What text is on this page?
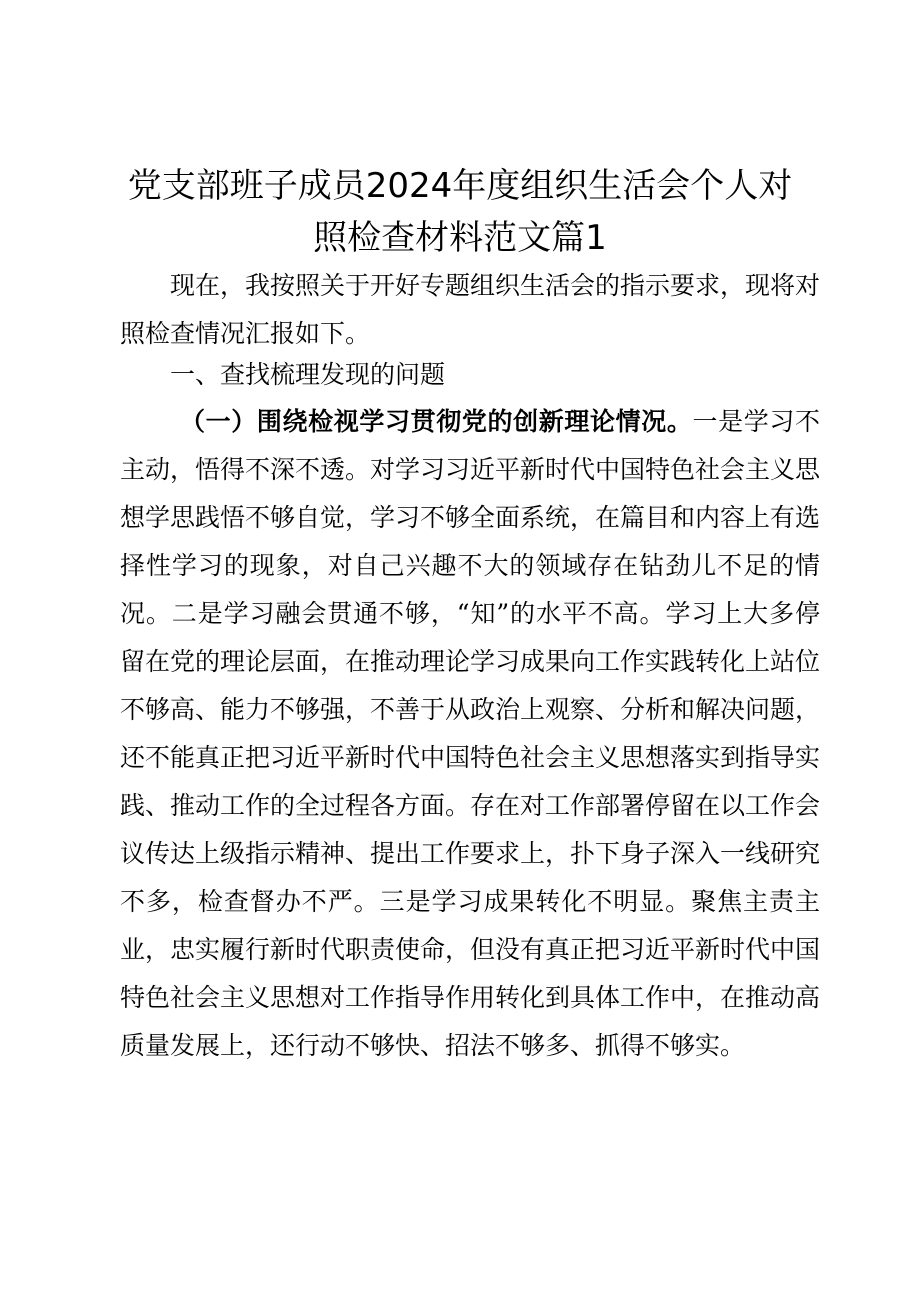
党支部班子成员2024年度组织生活会个人对
照检查材料范文篇1

现在，我按照关于开好专题组织生活会的指示要求，现将对照检查情况汇报如下。

一、查找梳理发现的问题

（一）围绕检视学习贯彻党的创新理论情况。一是学习不主动，悟得不深不透。对学习习近平新时代中国特色社会主义思想学思践悟不够自觉，学习不够全面系统，在篇目和内容上有选择性学习的现象，对自己兴趣不大的领域存在钻劲儿不足的情况。二是学习融会贯通不够，“知”的水平不高。学习上大多停留在党的理论层面，在推动理论学习成果向工作实践转化上站位不够高、能力不够强，不善于从政治上观察、分析和解决问题，还不能真正把习近平新时代中国特色社会主义思想落实到指导实践、推动工作的全过程各方面。存在对工作部署停留在以工作会议传达上级指示精神、提出工作要求上，扑下身子深入一线研究不多，检查督办不严。三是学习成果转化不明显。聚焦主责主业，忠实履行新时代职责使命，但没有真正把习近平新时代中国特色社会主义思想对工作指导作用转化到具体工作中，在推动高质量发展上，还行动不够快、招法不够多、抓得不够实。
